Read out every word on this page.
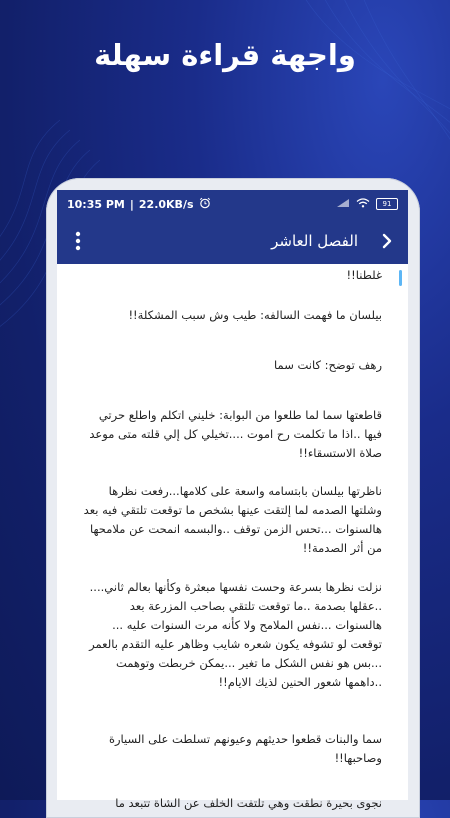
واجهة قراءة سهلة
10:35 PM | 22.0KB/s	91
الفصل العاشر

غلطنا!!

بيلسان ما فهمت السالفه: طيب وش سبب المشكلة!!

رهف توضح: كانت سما

قاطعتها سما لما طلعوا من البوابة: خليني اتكلم واطلع حرتي فيها ..اذا ما تكلمت رح اموت ....تخيلي كل إلي قلته متى موعد صلاة الاستسقاء!!

ناظرتها بيلسان بابتسامه واسعة على كلامها...رفعت نظرها وشلتها الصدمه لما إلتقت عينها بشخص ما توقعت تلتقي فيه بعد هالسنوات ...تحس الزمن توقف ..والبسمه انمحت عن ملامحها من أثر الصدمة!!

نزلت نظرها بسرعة وحست نفسها مبعثرة وكأنها بعالم ثاني.... ..عقلها بصدمة ..ما توقعت تلتقي بصاحب المزرعة بعد هالسنوات ...نفس الملامح ولا كأنه مرت السنوات عليه ... توقعت لو تشوفه يكون شعره شايب وظاهر عليه التقدم بالعمر ...بس هو نفس الشكل ما تغير ...يمكن خربطت وتوهمت ..داهمها شعور الحنين لذيك الايام!!

سما والبنات قطعوا حديثهم وعيونهم تسلطت على السيارة وصاحبها!!

نجوى بحيرة نطقت وهي تلتفت الخلف عن الشاة تتبعد ما
